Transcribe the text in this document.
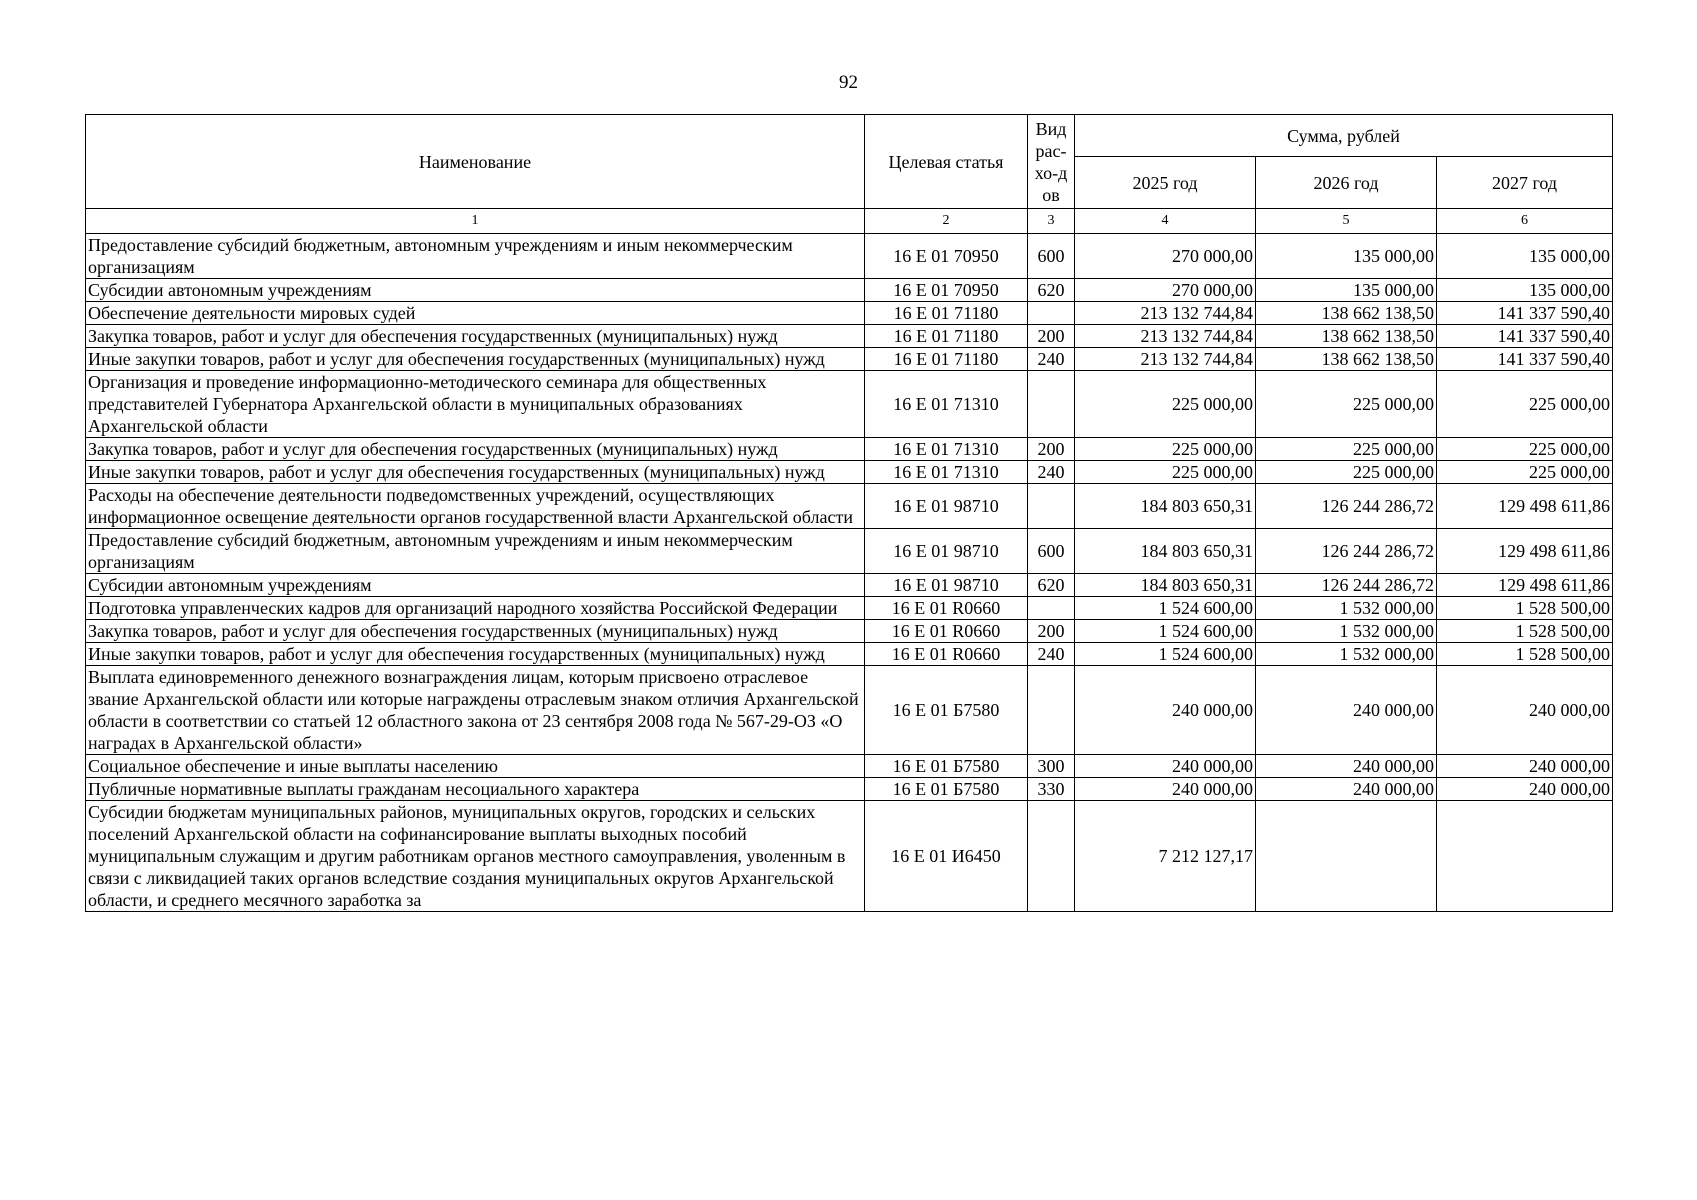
92
Наименование	Целевая статья	Вид рас-хо-дов	Сумма, рублей		
			2025 год	2026 год	2027 год
1	2	3	4	5	6
Предоставление субсидий бюджетным, автономным учреждениям и иным некоммерческим организациям	16 Е 01 70950	600	270 000,00	135 000,00	135 000,00
Субсидии автономным учреждениям	16 Е 01 70950	620	270 000,00	135 000,00	135 000,00
Обеспечение деятельности мировых судей	16 Е 01 71180		213 132 744,84	138 662 138,50	141 337 590,40
Закупка товаров, работ и услуг для обеспечения государственных (муниципальных) нужд	16 Е 01 71180	200	213 132 744,84	138 662 138,50	141 337 590,40
Иные закупки товаров, работ и услуг для обеспечения государственных (муниципальных) нужд	16 Е 01 71180	240	213 132 744,84	138 662 138,50	141 337 590,40
Организация и проведение информационно-методического семинара для общественных представителей Губернатора Архангельской области в муниципальных образованиях Архангельской области	16 Е 01 71310		225 000,00	225 000,00	225 000,00
Закупка товаров, работ и услуг для обеспечения государственных (муниципальных) нужд	16 Е 01 71310	200	225 000,00	225 000,00	225 000,00
Иные закупки товаров, работ и услуг для обеспечения государственных (муниципальных) нужд	16 Е 01 71310	240	225 000,00	225 000,00	225 000,00
Расходы на обеспечение деятельности подведомственных учреждений, осуществляющих информационное освещение деятельности органов государственной власти Архангельской области	16 Е 01 98710		184 803 650,31	126 244 286,72	129 498 611,86
Предоставление субсидий бюджетным, автономным учреждениям и иным некоммерческим организациям	16 Е 01 98710	600	184 803 650,31	126 244 286,72	129 498 611,86
Субсидии автономным учреждениям	16 Е 01 98710	620	184 803 650,31	126 244 286,72	129 498 611,86
Подготовка управленческих кадров для организаций народного хозяйства Российской Федерации	16 Е 01 R0660		1 524 600,00	1 532 000,00	1 528 500,00
Закупка товаров, работ и услуг для обеспечения государственных (муниципальных) нужд	16 Е 01 R0660	200	1 524 600,00	1 532 000,00	1 528 500,00
Иные закупки товаров, работ и услуг для обеспечения государственных (муниципальных) нужд	16 Е 01 R0660	240	1 524 600,00	1 532 000,00	1 528 500,00
Выплата единовременного денежного вознаграждения лицам, которым присвоено отраслевое звание Архангельской области или которые награждены отраслевым знаком отличия Архангельской области в соответствии со статьей 12 областного закона от 23 сентября 2008 года № 567-29-ОЗ «О наградах в Архангельской области»	16 Е 01 Б7580		240 000,00	240 000,00	240 000,00
Социальное обеспечение и иные выплаты населению	16 Е 01 Б7580	300	240 000,00	240 000,00	240 000,00
Публичные нормативные выплаты гражданам несоциального характера	16 Е 01 Б7580	330	240 000,00	240 000,00	240 000,00
Субсидии бюджетам муниципальных районов, муниципальных округов, городских и сельских поселений Архангельской области на софинансирование выплаты выходных пособий муниципальным служащим и другим работникам органов местного самоуправления, уволенным в связи с ликвидацией таких органов вследствие создания муниципальных округов Архангельской области, и среднего месячного заработка за	16 Е 01 И6450		7 212 127,17		
